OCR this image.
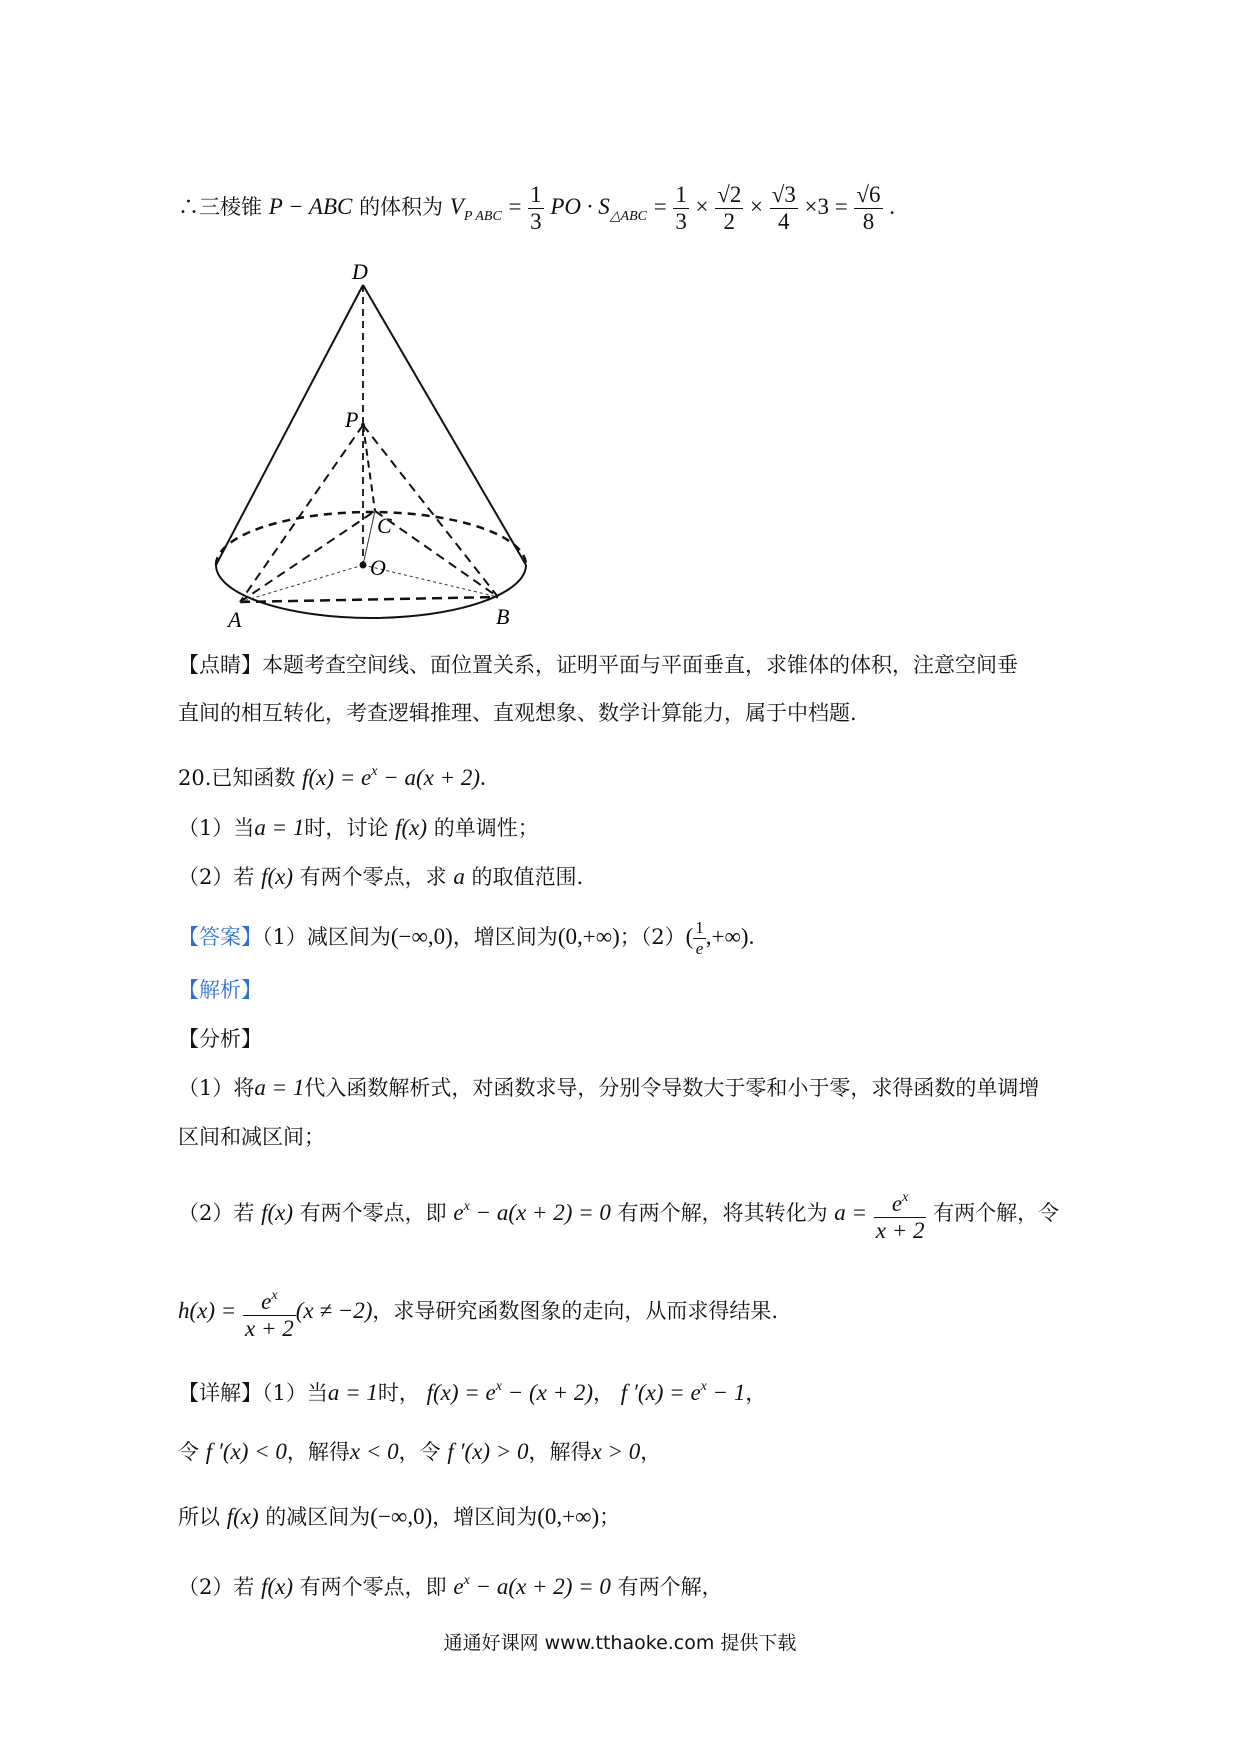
∴三棱锥 P − ABC 的体积为 $V_{P ABC} = \frac{1}{3}$ PO · $S_{\triangle ABC} = \frac{1}{3} \times \frac{√2}{2} \times \frac{√3}{4} \times 3 = \frac{√6}{8}$ .
D
P
C
O
A	B
【点睛】本题考查空间线、面位置关系，证明平面与平面垂直，求锥体的体积，注意空间垂
直间的相互转化，考查逻辑推理、直观想象、数学计算能力，属于中档题.
20.已知函数 $f(x) = e^x - a(x + 2)$.
（1）当a = 1时，讨论 f(x) 的单调性；
（2）若 f(x) 有两个零点，求 a 的取值范围.
【答案】（1）减区间为(−∞,0)，增区间为(0,+∞)；$(2)( \frac{1}{e}$ ,+∞).
【解析】
【分析】
（1）将a = 1代入函数解析式，对函数求导，分别令导数大于零和小于零，求得函数的单调增
区间和减区间；
（2）若 f(x) 有两个零点，即 $e^x - a(x + 2) = 0$ 有两个解，将其转化为 $a = \frac{e^x}{x + 2}$ 有两个解，令
$h(x) = \frac{e^x}{x + 2} (x \ne -2)$，求导研究函数图象的走向，从而求得结果.
【详解】（1）当a = 1时， $f(x) = e^x - (x + 2)$， f $'(x) = e^x - 1$，
令 f ′(x) < 0，解得x < 0，令 f ′(x) > 0，解得x > 0，
所以 f(x) 的减区间为(−∞,0)，增区间为(0,+∞)；
（2）若 f(x) 有两个零点，即 $e^x - a(x + 2) = 0$ 有两个解，
通通好课网 www.tthaoke.com 提供下载
